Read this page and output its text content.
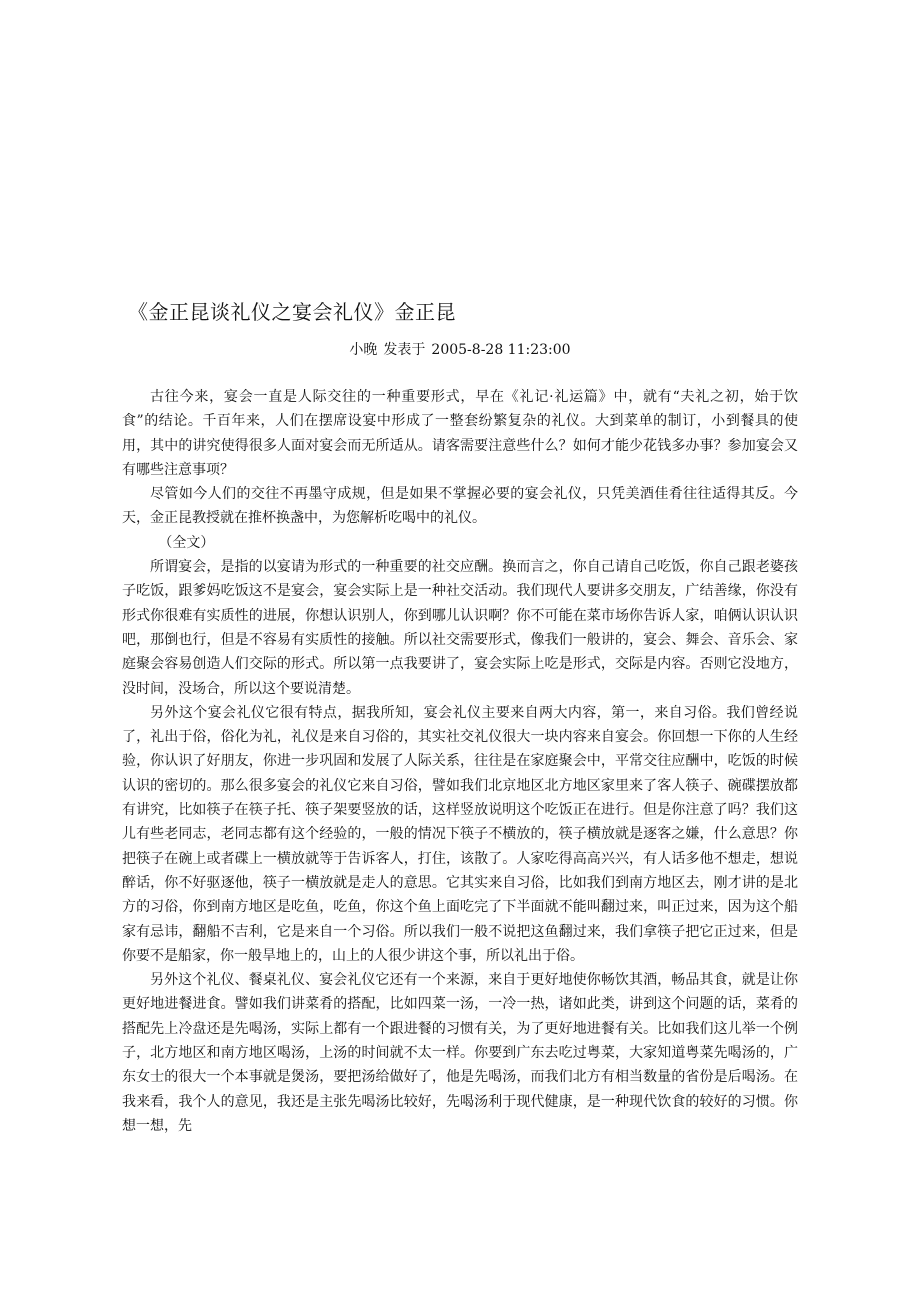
《金正昆谈礼仪之宴会礼仪》金正昆
小晚 发表于 2005-8-28 11:23:00

古往今来，宴会一直是人际交往的一种重要形式，早在《礼记·礼运篇》中，就有“夫礼之初，始于饮食”的结论。千百年来，人们在摆席设宴中形成了一整套纷繁复杂的礼仪。大到菜单的制订，小到餐具的使用，其中的讲究使得很多人面对宴会而无所适从。请客需要注意些什么？如何才能少花钱多办事？参加宴会又有哪些注意事项？

尽管如今人们的交往不再墨守成规，但是如果不掌握必要的宴会礼仪，只凭美酒佳肴往往适得其反。今天，金正昆教授就在推杯换盏中，为您解析吃喝中的礼仪。

（全文）

所谓宴会，是指的以宴请为形式的一种重要的社交应酬。换而言之，你自己请自己吃饭，你自己跟老婆孩子吃饭，跟爹妈吃饭这不是宴会，宴会实际上是一种社交活动。我们现代人要讲多交朋友，广结善缘，你没有形式你很难有实质性的进展，你想认识别人，你到哪儿认识啊？你不可能在菜市场你告诉人家，咱俩认识认识吧，那倒也行，但是不容易有实质性的接触。所以社交需要形式，像我们一般讲的，宴会、舞会、音乐会、家庭聚会容易创造人们交际的形式。所以第一点我要讲了，宴会实际上吃是形式，交际是内容。否则它没地方，没时间，没场合，所以这个要说清楚。

另外这个宴会礼仪它很有特点，据我所知，宴会礼仪主要来自两大内容，第一，来自习俗。我们曾经说了，礼出于俗，俗化为礼，礼仪是来自习俗的，其实社交礼仪很大一块内容来自宴会。你回想一下你的人生经验，你认识了好朋友，你进一步巩固和发展了人际关系，往往是在家庭聚会中，平常交往应酬中，吃饭的时候认识的密切的。那么很多宴会的礼仪它来自习俗，譬如我们北京地区北方地区家里来了客人筷子、碗碟摆放都有讲究，比如筷子在筷子托、筷子架要竖放的话，这样竖放说明这个吃饭正在进行。但是你注意了吗？我们这儿有些老同志，老同志都有这个经验的，一般的情况下筷子不横放的，筷子横放就是逐客之嫌，什么意思？你把筷子在碗上或者碟上一横放就等于告诉客人，打住，该散了。人家吃得高高兴兴，有人话多他不想走，想说醉话，你不好驱逐他，筷子一横放就是走人的意思。它其实来自习俗，比如我们到南方地区去，刚才讲的是北方的习俗，你到南方地区是吃鱼，吃鱼，你这个鱼上面吃完了下半面就不能叫翻过来，叫正过来，因为这个船家有忌讳，翻船不吉利，它是来自一个习俗。所以我们一般不说把这鱼翻过来，我们拿筷子把它正过来，但是你要不是船家，你一般旱地上的，山上的人很少讲这个事，所以礼出于俗。

另外这个礼仪、餐桌礼仪、宴会礼仪它还有一个来源，来自于更好地使你畅饮其酒，畅品其食，就是让你更好地进餐进食。譬如我们讲菜肴的搭配，比如四菜一汤，一冷一热，诸如此类，讲到这个问题的话，菜肴的搭配先上冷盘还是先喝汤，实际上都有一个跟进餐的习惯有关，为了更好地进餐有关。比如我们这儿举一个例子，北方地区和南方地区喝汤，上汤的时间就不太一样。你要到广东去吃过粤菜，大家知道粤菜先喝汤的，广东女士的很大一个本事就是煲汤，要把汤给做好了，他是先喝汤，而我们北方有相当数量的省份是后喝汤。在我来看，我个人的意见，我还是主张先喝汤比较好，先喝汤利于现代健康，是一种现代饮食的较好的习惯。你想一想，先
